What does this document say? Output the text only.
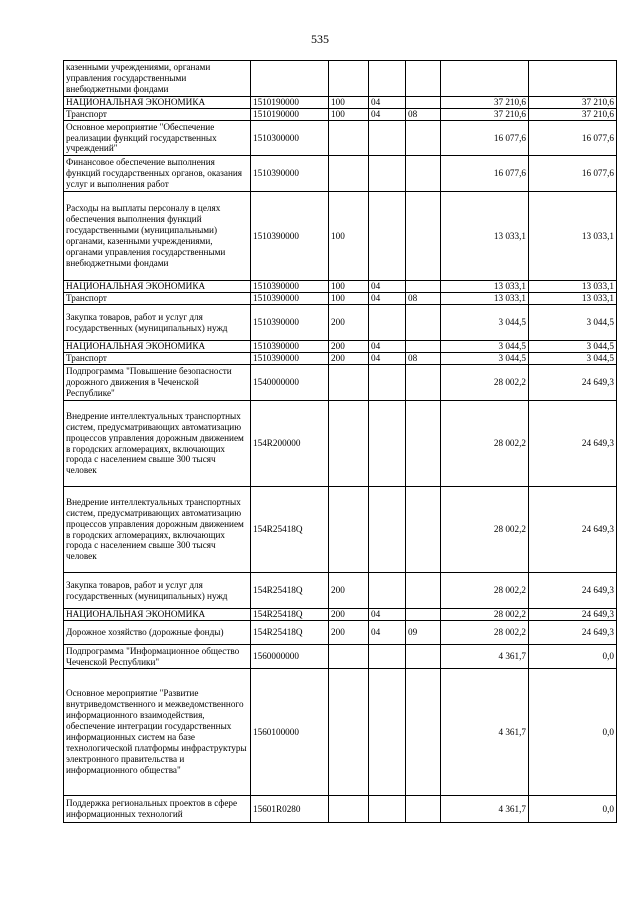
535
казенными учреждениями, органами управления государственными внебюджетными фондами						
НАЦИОНАЛЬНАЯ ЭКОНОМИКА	1510190000	100	04		37 210,6	37 210,6
Транспорт	1510190000	100	04	08	37 210,6	37 210,6
Основное мероприятие "Обеспечение реализации функций государственных учреждений"	1510300000				16 077,6	16 077,6
Финансовое обеспечение выполнения функций государственных органов, оказания услуг и выполнения работ	1510390000				16 077,6	16 077,6
Расходы на выплаты персоналу в целях обеспечения выполнения функций государственными (муниципальными) органами, казенными учреждениями, органами управления государственными внебюджетными фондами	1510390000	100			13 033,1	13 033,1
НАЦИОНАЛЬНАЯ ЭКОНОМИКА	1510390000	100	04		13 033,1	13 033,1
Транспорт	1510390000	100	04	08	13 033,1	13 033,1
Закупка товаров, работ и услуг для государственных (муниципальных) нужд	1510390000	200			3 044,5	3 044,5
НАЦИОНАЛЬНАЯ ЭКОНОМИКА	1510390000	200	04		3 044,5	3 044,5
Транспорт	1510390000	200	04	08	3 044,5	3 044,5
Подпрограмма "Повышение безопасности дорожного движения в Чеченской Республике"	1540000000				28 002,2	24 649,3
Внедрение интеллектуальных транспортных систем, предусматривающих автоматизацию процессов управления дорожным движением в городских агломерациях, включающих города с населением свыше 300 тысяч человек	154R200000				28 002,2	24 649,3
Внедрение интеллектуальных транспортных систем, предусматривающих автоматизацию процессов управления дорожным движением в городских агломерациях, включающих города с населением свыше 300 тысяч человек	154R25418Q				28 002,2	24 649,3
Закупка товаров, работ и услуг для государственных (муниципальных) нужд	154R25418Q	200			28 002,2	24 649,3
НАЦИОНАЛЬНАЯ ЭКОНОМИКА	154R25418Q	200	04		28 002,2	24 649,3
Дорожное хозяйство (дорожные фонды)	154R25418Q	200	04	09	28 002,2	24 649,3
Подпрограмма "Информационное общество Чеченской Республики"	1560000000				4 361,7	0,0
Основное мероприятие "Развитие внутриведомственного и межведомственного информационного взаимодействия, обеспечение интеграции государственных информационных систем на базе технологической платформы инфраструктуры электронного правительства и информационного общества"	1560100000				4 361,7	0,0
Поддержка региональных проектов в сфере информационных технологий	15601R0280				4 361,7	0,0
